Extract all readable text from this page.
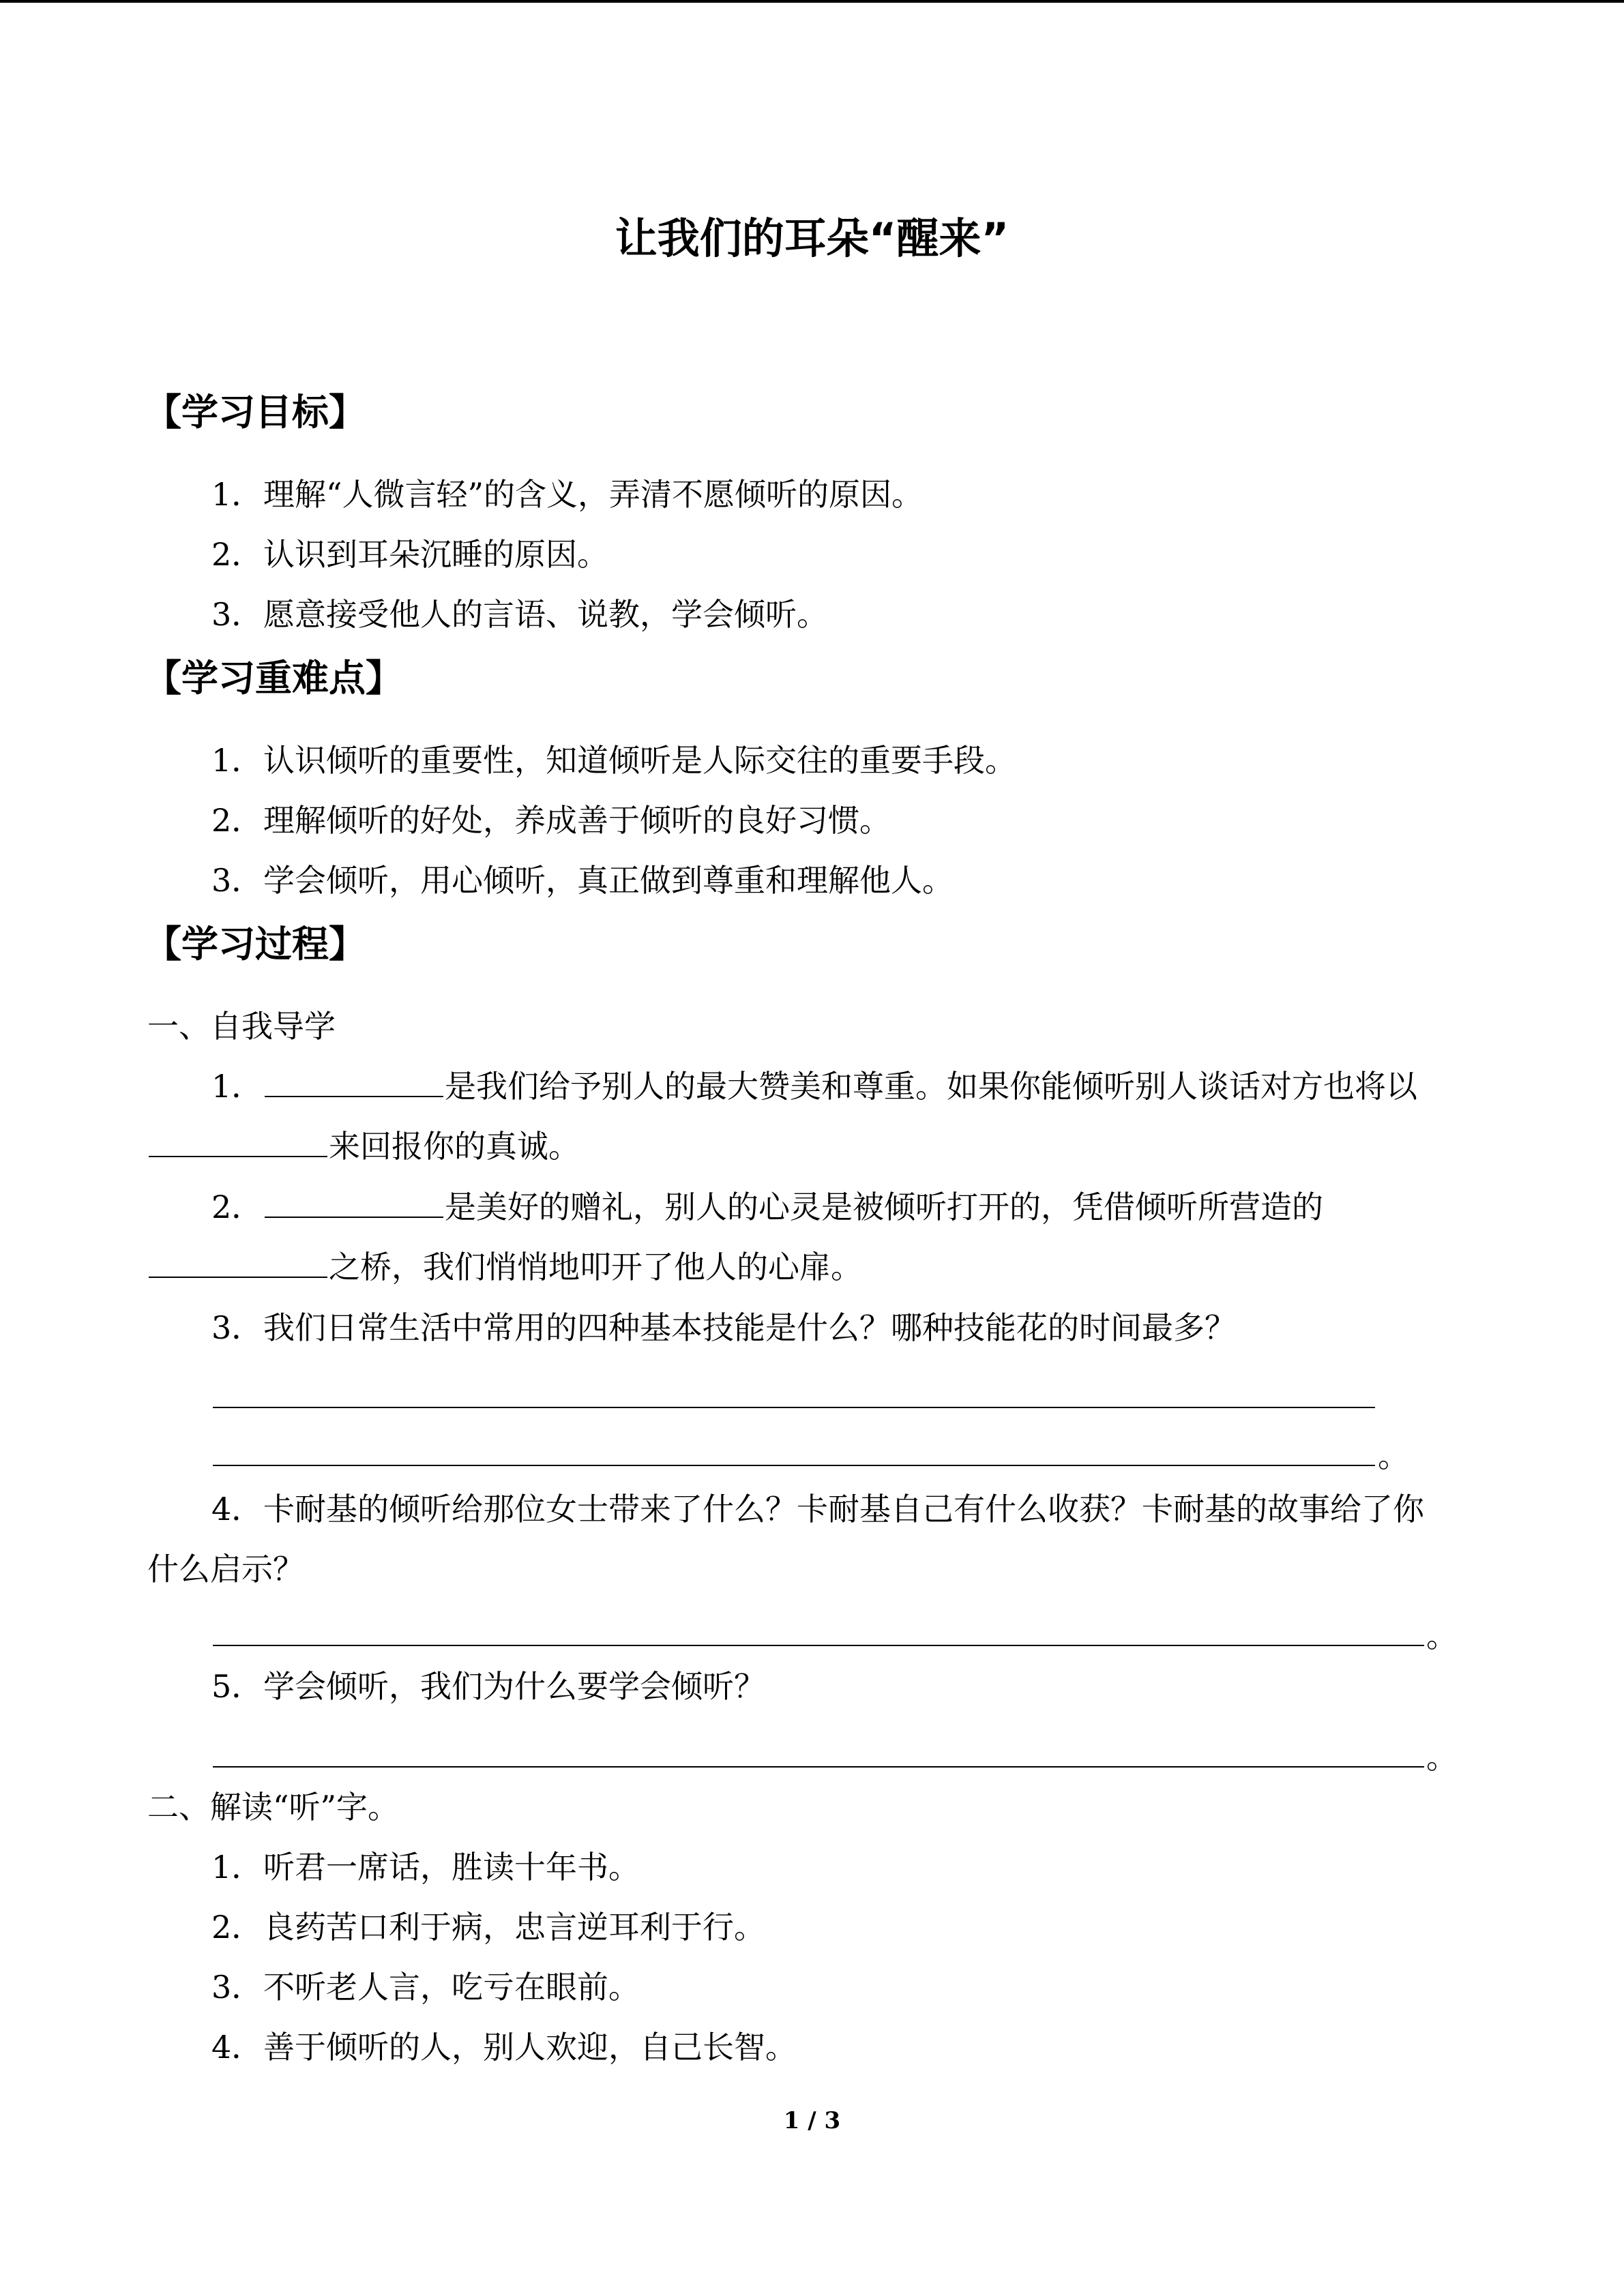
让我们的耳朵“醒来”
【学习目标】
1．理解“人微言轻”的含义，弄清不愿倾听的原因。
2．认识到耳朵沉睡的原因。
3．愿意接受他人的言语、说教，学会倾听。
【学习重难点】
1．认识倾听的重要性，知道倾听是人际交往的重要手段。
2．理解倾听的好处，养成善于倾听的良好习惯。
3．学会倾听，用心倾听，真正做到尊重和理解他人。
【学习过程】
一、自我导学
1．	是我们给予别人的最大赞美和尊重。如果你能倾听别人谈话对方也将以
来回报你的真诚。
2．	是美好的赠礼，别人的心灵是被倾听打开的，凭借倾听所营造的
之桥，我们悄悄地叩开了他人的心扉。
3．我们日常生活中常用的四种基本技能是什么？哪种技能花的时间最多？
。
4．卡耐基的倾听给那位女士带来了什么？卡耐基自己有什么收获？卡耐基的故事给了你
什么启示？
。
5．学会倾听，我们为什么要学会倾听？
。
二、解读“听”字。
1．听君一席话，胜读十年书。
2．良药苦口利于病，忠言逆耳利于行。
3．不听老人言，吃亏在眼前。
4．善于倾听的人，别人欢迎，自己长智。
1 / 3
